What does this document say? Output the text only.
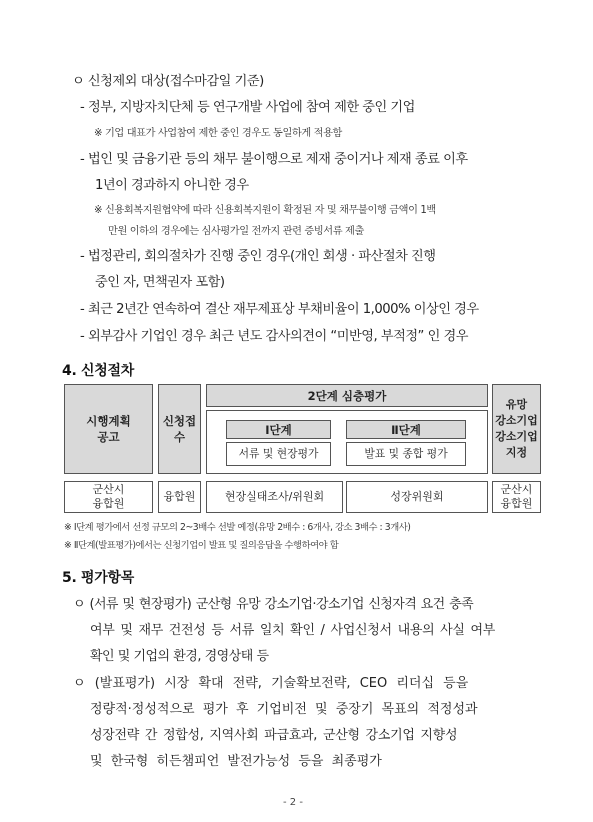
ㅇ 신청제외 대상(접수마감일 기준)
- 정부, 지방자치단체 등 연구개발 사업에 참여 제한 중인 기업
※ 기업 대표가 사업참여 제한 중인 경우도 동일하게 적용함
- 법인 및 금융기관 등의 채무 불이행으로 제재 중이거나 제재 종료 이후
1년이 경과하지 아니한 경우
※ 신용회복지원협약에 따라 신용회복지원이 확정된 자 및 채무불이행 금액이 1백
만원 이하의 경우에는 심사평가일 전까지 관련 증빙서류 제출
- 법정관리, 회의절차가 진행 중인 경우(개인 회생 · 파산절차 진행
중인 자, 면책권자 포함)
- 최근 2년간 연속하여 결산 재무제표상 부채비율이 1,000% 이상인 경우
- 외부감사 기업인 경우 최근 년도 감사의견이 “미반영, 부적정” 인 경우
4. 신청절차
시행계획
공고
신청접수
2단계 심층평가
Ⅰ단계
서류 및 현장평가
Ⅱ단계
발표 및 종합 평가
유망
강소기업
강소기업
지정
군산시
융합원
융합원	현장실태조사/위원회	성장위원회
군산시
융합원
※ Ⅰ단계 평가에서 선정 규모의 2~3배수 선발 예정(유망 2배수 : 6개사, 강소 3배수 : 3개사)
※ Ⅱ단계(발표평가)에서는 신청기업이 발표 및 질의응답을 수행하여야 함
5. 평가항목
ㅇ (서류 및 현장평가) 군산형 유망 강소기업·강소기업 신청자격 요건 충족
여부 및 재무 건전성 등 서류 일치 확인 / 사업신청서 내용의 사실 여부
확인 및 기업의 환경, 경영상태 등
ㅇ (발표평가) 시장 확대 전략, 기술확보전략, CEO 리더십 등을
정량적·정성적으로 평가 후 기업비전 및 중장기 목표의 적정성과
성장전략 간 정합성, 지역사회 파급효과, 군산형 강소기업 지향성
및 한국형 히든챔피언 발전가능성 등을 최종평가
- 2 -
